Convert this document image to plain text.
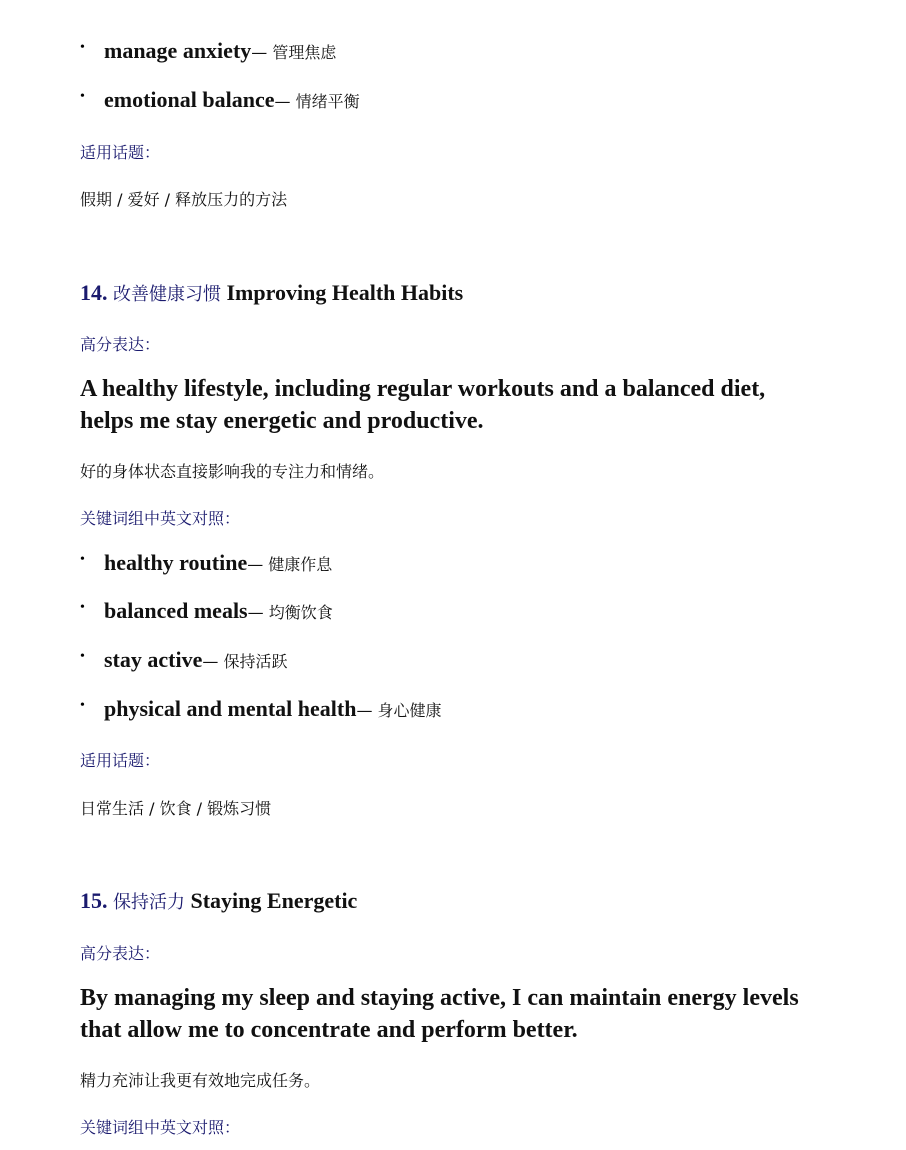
• manage anxiety— 管理焦虑
• emotional balance— 情绪平衡
适用话题：
假期 / 爱好 / 释放压力的方法
14. 改善健康习惯 Improving Health Habits
高分表达：
A healthy lifestyle, including regular workouts and a balanced diet, helps me stay energetic and productive.
好的身体状态直接影响我的专注力和情绪。
关键词组中英文对照：
• healthy routine— 健康作息
• balanced meals— 均衡饮食
• stay active— 保持活跃
• physical and mental health— 身心健康
适用话题：
日常生活 / 饮食 / 锻炼习惯
15. 保持活力 Staying Energetic
高分表达：
By managing my sleep and staying active, I can maintain energy levels that allow me to concentrate and perform better.
精力充沛让我更有效地完成任务。
关键词组中英文对照：
